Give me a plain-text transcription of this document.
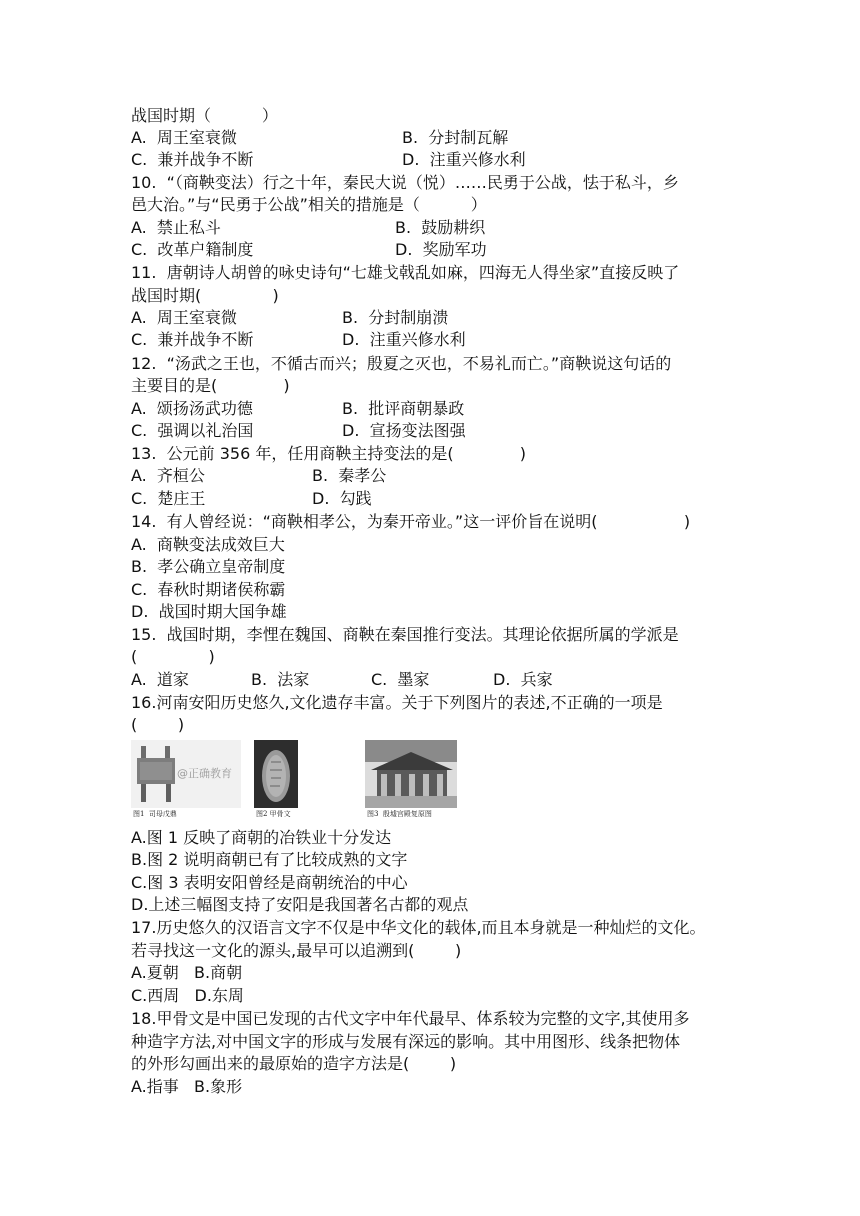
战国时期（          ）

A.  周王室衰微

	B.  分封制瓦解

C.  兼并战争不断

	D.  注重兴修水利

10.  “（商鞅变法）行之十年，秦民大说（悦）……民勇于公战，怯于私斗，乡
邑大治。”与“民勇于公战”相关的措施是（          ）

A.  禁止私斗

	B.  鼓励耕织

C.  改革户籍制度

	D.  奖励军功

11.  唐朝诗人胡曾的咏史诗句“七雄戈戟乱如麻，四海无人得坐家”直接反映了
战国时期(              )

A.  周王室衰微

	B.  分封制崩溃

C.  兼并战争不断

	D.  注重兴修水利

12.  “汤武之王也，不循古而兴；殷夏之灭也，不易礼而亡。”商鞅说这句话的
主要目的是(             )

A.  颂扬汤武功德

	B.  批评商朝暴政

C.  强调以礼治国

	D.  宣扬变法图强

13.  公元前 356 年，任用商鞅主持变法的是(             )

A.  齐桓公

	B.  秦孝公

C.  楚庄王

	D.  勾践

14.  有人曾经说：“商鞅相孝公，为秦开帝业。”这一评价旨在说明(                 )
A.  商鞅变法成效巨大
B.  孝公确立皇帝制度
C.  春秋时期诸侯称霸
D.  战国时期大国争雄
15.  战国时期，李悝在魏国、商鞅在秦国推行变法。其理论依据所属的学派是
(              )

A.  道家

	B.  法家

	C.  墨家

	D.  兵家

16.河南安阳历史悠久,文化遗存丰富。关于下列图片的表述,不正确的一项是
(        )
@正确教育
图1  司母戊鼎	图2 甲骨文	图3  殷墟宫殿复原图
A.图 1 反映了商朝的冶铁业十分发达
B.图 2 说明商朝已有了比较成熟的文字
C.图 3 表明安阳曾经是商朝统治的中心
D.上述三幅图支持了安阳是我国著名古都的观点
17.历史悠久的汉语言文字不仅是中华文化的载体,而且本身就是一种灿烂的文化。
若寻找这一文化的源头,最早可以追溯到(        )
A.夏朝   B.商朝
C.西周   D.东周
18.甲骨文是中国已发现的古代文字中年代最早、体系较为完整的文字,其使用多
种造字方法,对中国文字的形成与发展有深远的影响。其中用图形、线条把物体
的外形勾画出来的最原始的造字方法是(        )
A.指事   B.象形
